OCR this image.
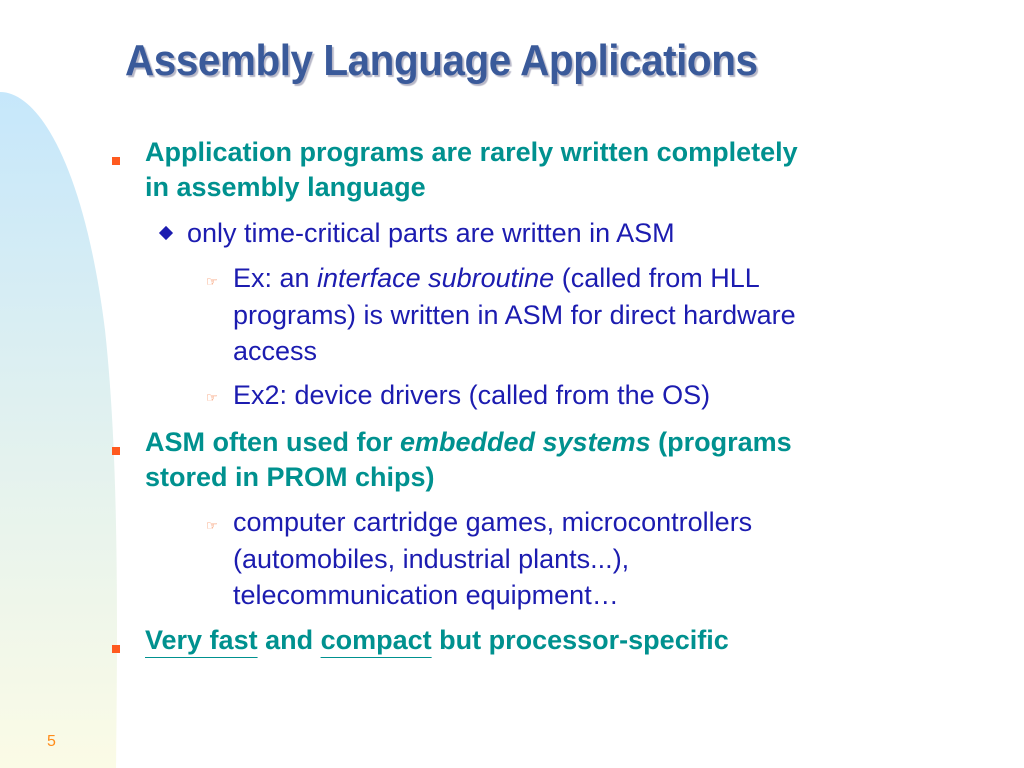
Assembly Language Applications
Application programs are rarely written completely
in assembly language
only time-critical parts are written in ASM
☞ Ex: an interface subroutine (called from HLL
programs) is written in ASM for direct hardware
access
☞ Ex2: device drivers (called from the OS)
ASM often used for embedded systems (programs
stored in PROM chips)
☞ computer cartridge games, microcontrollers
(automobiles, industrial plants...),
telecommunication equipment…
Very fast and compact but processor-specific
5
